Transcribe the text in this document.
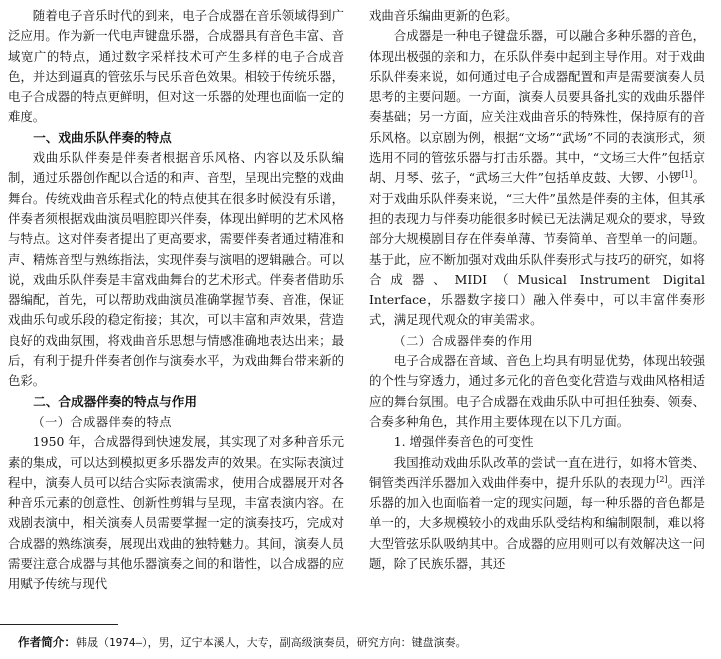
随着电子音乐时代的到来，电子合成器在音乐领域得到广泛应用。作为新一代电声键盘乐器，合成器具有音色丰富、音域宽广的特点，通过数字采样技术可产生多样的电子合成音色，并达到逼真的管弦乐与民乐音色效果。相较于传统乐器，电子合成器的特点更鲜明，但对这一乐器的处理也面临一定的难度。

一、戏曲乐队伴奏的特点

戏曲乐队伴奏是伴奏者根据音乐风格、内容以及乐队编制，通过乐器创作配以合适的和声、音型，呈现出完整的戏曲舞台。传统戏曲音乐程式化的特点使其在很多时候没有乐谱，伴奏者须根据戏曲演员唱腔即兴伴奏，体现出鲜明的艺术风格与特点。这对伴奏者提出了更高要求，需要伴奏者通过精准和声、精炼音型与熟练指法，实现伴奏与演唱的逻辑融合。可以说，戏曲乐队伴奏是丰富戏曲舞台的艺术形式。伴奏者借助乐器编配，首先，可以帮助戏曲演员准确掌握节奏、音准，保证戏曲乐句或乐段的稳定衔接；其次，可以丰富和声效果，营造良好的戏曲氛围，将戏曲音乐思想与情感准确地表达出来；最后，有利于提升伴奏者创作与演奏水平，为戏曲舞台带来新的色彩。

二、合成器伴奏的特点与作用
（一）合成器伴奏的特点

1950 年，合成器得到快速发展，其实现了对多种音乐元素的集成，可以达到模拟更多乐器发声的效果。在实际表演过程中，演奏人员可以结合实际表演需求，使用合成器展开对各种音乐元素的创意性、创新性剪辑与呈现，丰富表演内容。在戏剧表演中，相关演奏人员需要掌握一定的演奏技巧，完成对合成器的熟练演奏，展现出戏曲的独特魅力。其间，演奏人员需要注意合成器与其他乐器演奏之间的和谐性，以合成器的应用赋予传统与现代

戏曲音乐编曲更新的色彩。

合成器是一种电子键盘乐器，可以融合多种乐器的音色，体现出极强的亲和力，在乐队伴奏中起到主导作用。对于戏曲乐队伴奏来说，如何通过电子合成器配置和声是需要演奏人员思考的主要问题。一方面，演奏人员要具备扎实的戏曲乐器伴奏基础；另一方面，应关注戏曲音乐的特殊性，保持原有的音乐风格。以京剧为例，根据“文场”“武场”不同的表演形式，须选用不同的管弦乐器与打击乐器。其中，“文场三大件”包括京胡、月琴、弦子，“武场三大件”包括单皮鼓、大锣、小锣[1]。对于戏曲乐队伴奏来说，“三大件”虽然是伴奏的主体，但其承担的表现力与伴奏功能很多时候已无法满足观众的要求，导致部分大规模剧目存在伴奏单薄、节奏简单、音型单一的问题。基于此，应不断加强对戏曲乐队伴奏形式与技巧的研究，如将合成器、MIDI（Musical Instrument Digital Interface，乐器数字接口）融入伴奏中，可以丰富伴奏形式，满足现代观众的审美需求。

（二）合成器伴奏的作用

电子合成器在音域、音色上均具有明显优势，体现出较强的个性与穿透力，通过多元化的音色变化营造与戏曲风格相适应的舞台氛围。电子合成器在戏曲乐队中可担任独奏、领奏、合奏多种角色，其作用主要体现在以下几方面。

1. 增强伴奏音色的可变性

我国推动戏曲乐队改革的尝试一直在进行，如将木管类、铜管类西洋乐器加入戏曲伴奏中，提升乐队的表现力[2]。西洋乐器的加入也面临着一定的现实问题，每一种乐器的音色都是单一的，大多规模较小的戏曲乐队受结构和编制限制，难以将大型管弦乐队吸纳其中。合成器的应用则可以有效解决这一问题，除了民族乐器，其还

作者简介：韩晟（1974—），男，辽宁本溪人，大专，副高级演奏员，研究方向：键盘演奏。
